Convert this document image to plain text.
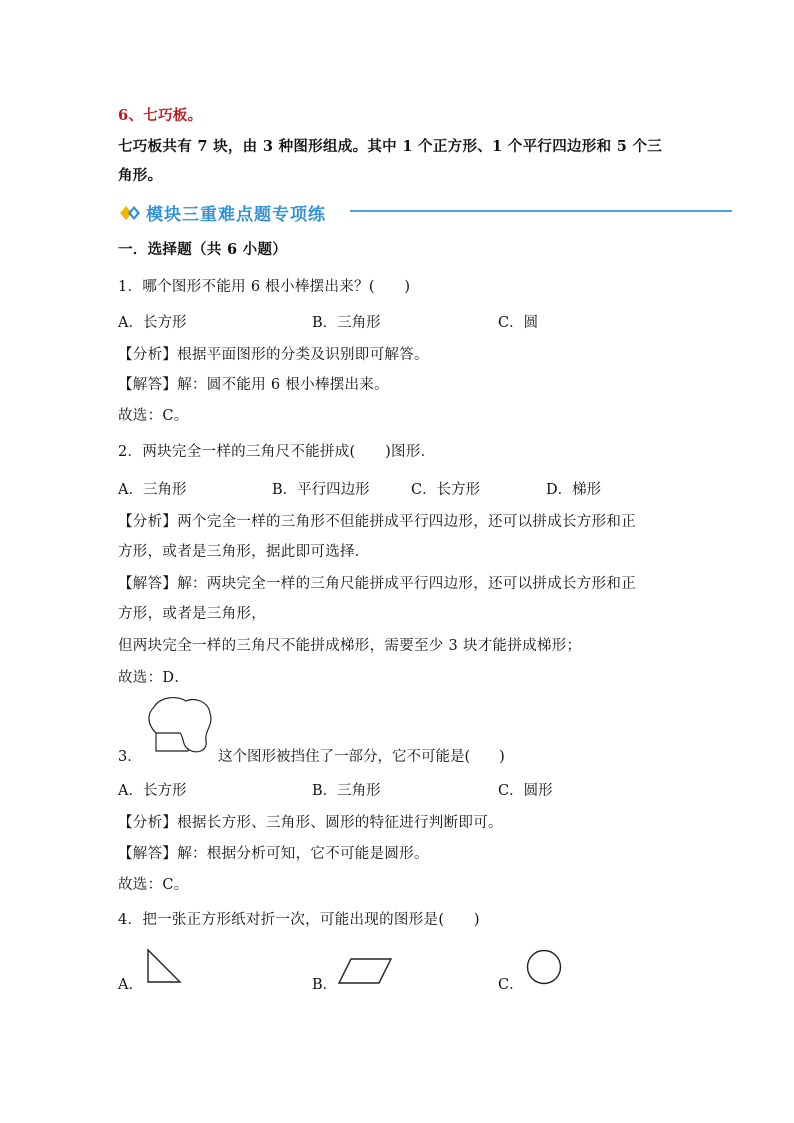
6、七巧板。
七巧板共有 7 块，由 3 种图形组成。其中 1 个正方形、1 个平行四边形和 5 个三
角形。
模块三重难点题专项练
一．选择题（共 6 小题）
1．哪个图形不能用 6 根小棒摆出来？(　　)
A．长方形	B．三角形	C．圆
【分析】根据平面图形的分类及识别即可解答。
【解答】解：圆不能用 6 根小棒摆出来。
故选：C。
2．两块完全一样的三角尺不能拼成(　　)图形．
A．三角形	B．平行四边形	C．长方形	D．梯形
【分析】两个完全一样的三角形不但能拼成平行四边形，还可以拼成长方形和正
方形，或者是三角形，据此即可选择．
【解答】解：两块完全一样的三角尺能拼成平行四边形，还可以拼成长方形和正
方形，或者是三角形，
但两块完全一样的三角尺不能拼成梯形，需要至少 3 块才能拼成梯形；
故选：D．
3．	这个图形被挡住了一部分，它不可能是(　　)
A．长方形	B．三角形	C．圆形
【分析】根据长方形、三角形、圆形的特征进行判断即可。
【解答】解：根据分析可知，它不可能是圆形。
故选：C。
4．把一张正方形纸对折一次，可能出现的图形是(　　)
A．	B．	C．
